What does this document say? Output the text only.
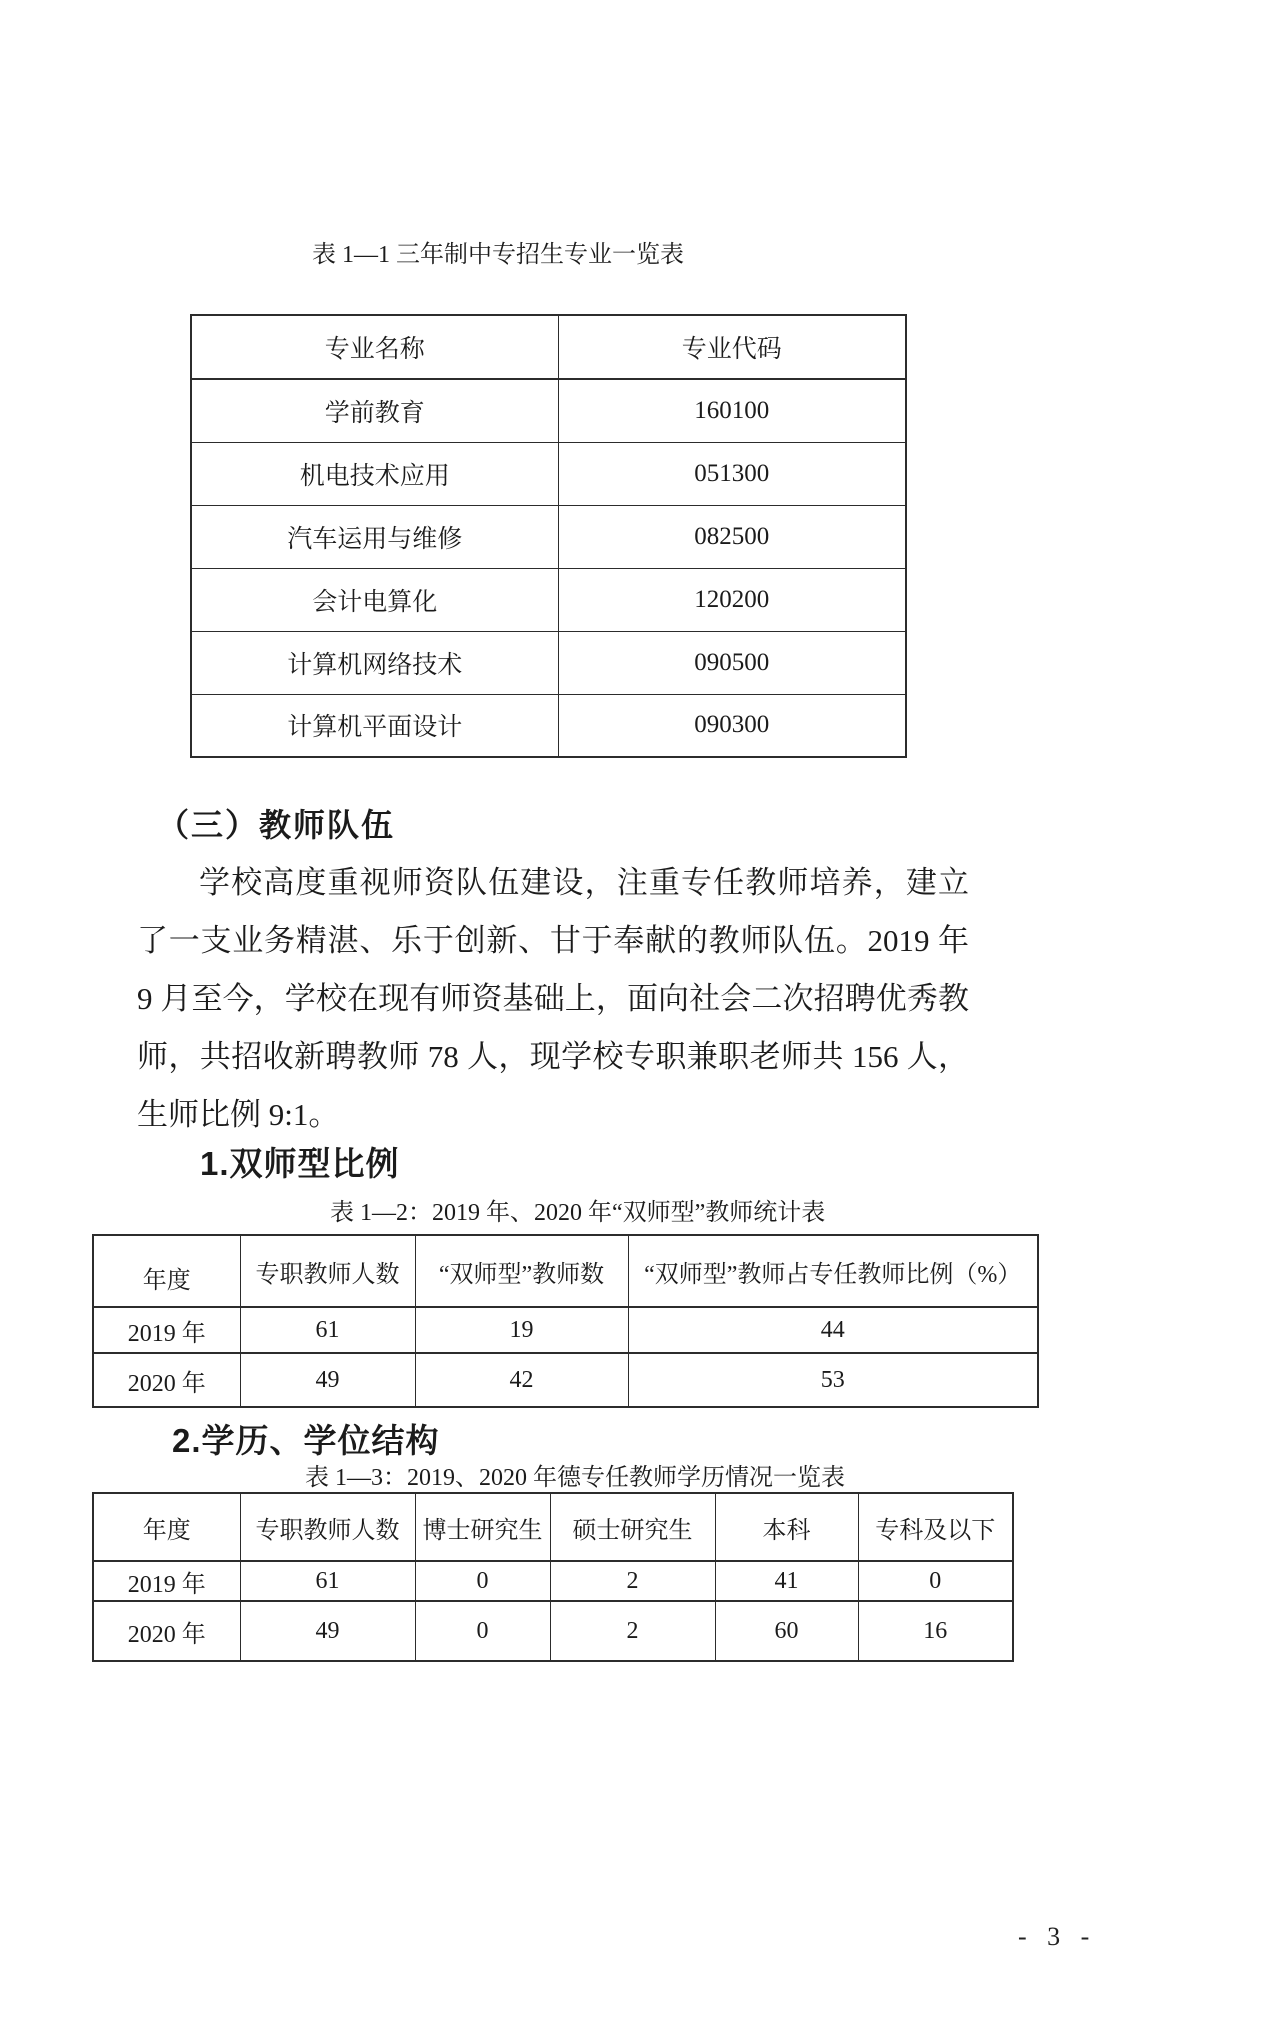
表 1—1 三年制中专招生专业一览表
专业名称	专业代码
学前教育	160100
机电技术应用	051300
汽车运用与维修	082500
会计电算化	120200
计算机网络技术	090500
计算机平面设计	090300
（三）教师队伍

学校高度重视师资队伍建设，注重专任教师培养，建立了一支业务精湛、乐于创新、甘于奉献的教师队伍。2019 年 9 月至今，学校在现有师资基础上，面向社会二次招聘优秀教师，共招收新聘教师 78 人，现学校专职兼职老师共 156 人，生师比例 9:1。

1.双师型比例
表 1—2：2019 年、2020 年“双师型”教师统计表
年度	专职教师人数	“双师型”教师数	“双师型”教师占专任教师比例（%）
2019 年	61	19	44
2020 年	49	42	53
2.学历、学位结构
表 1—3：2019、2020 年德专任教师学历情况一览表
年度	专职教师人数	博士研究生	硕士研究生	本科	专科及以下
2019 年	61	0	2	41	0
2020 年	49	0	2	60	16
- 3 -
